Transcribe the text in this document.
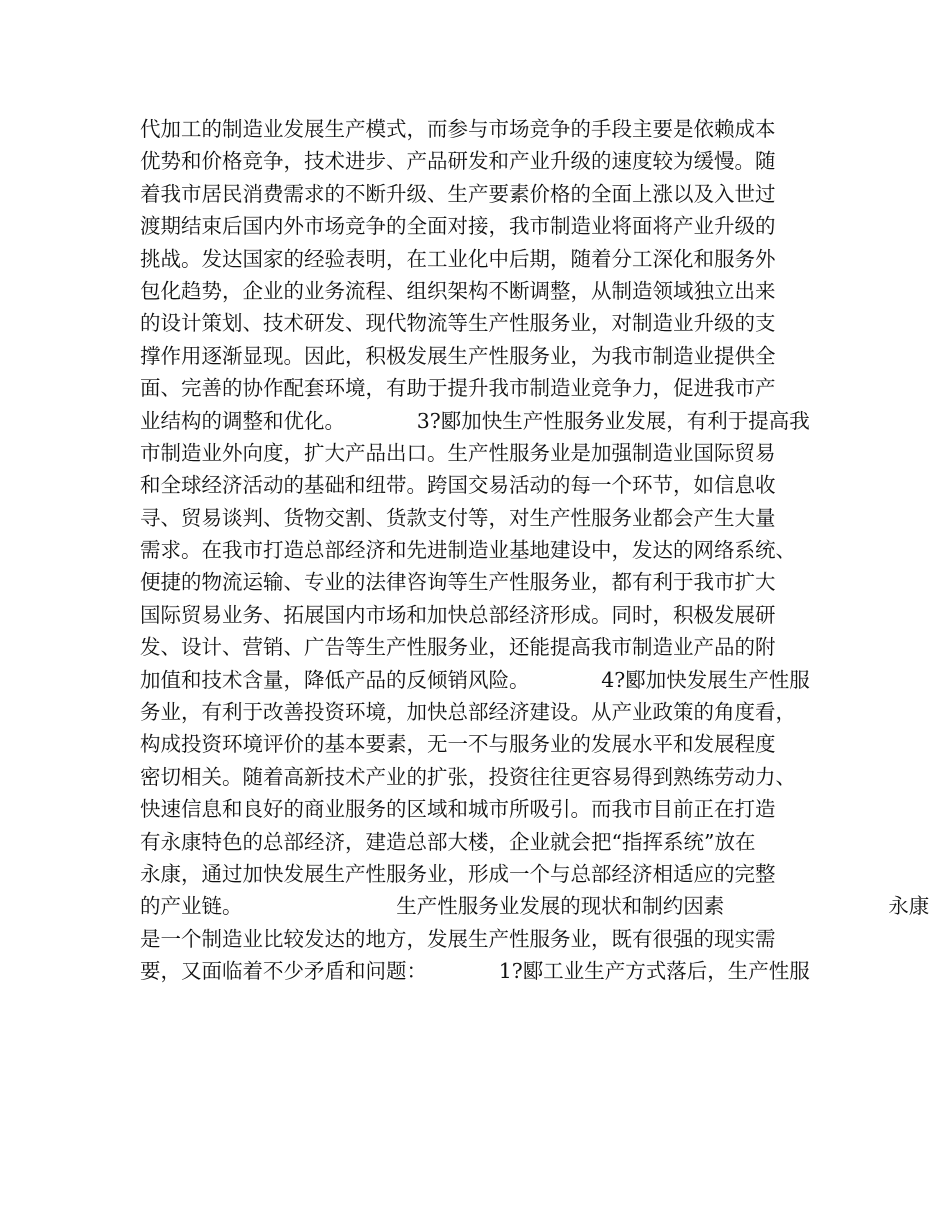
代加工的制造业发展生产模式，而参与市场竞争的手段主要是依赖成本
优势和价格竞争，技术进步、产品研发和产业升级的速度较为缓慢。随
着我市居民消费需求的不断升级、生产要素价格的全面上涨以及入世过
渡期结束后国内外市场竞争的全面对接，我市制造业将面将产业升级的
挑战。发达国家的经验表明，在工业化中后期，随着分工深化和服务外
包化趋势，企业的业务流程、组织架构不断调整，从制造领域独立出来
的设计策划、技术研发、现代物流等生产性服务业，对制造业升级的支
撑作用逐渐显现。因此，积极发展生产性服务业，为我市制造业提供全
面、完善的协作配套环境，有助于提升我市制造业竞争力，促进我市产
业结构的调整和优化。　　　　3?郾加快生产性服务业发展，有利于提高我
市制造业外向度，扩大产品出口。生产性服务业是加强制造业国际贸易
和全球经济活动的基础和纽带。跨国交易活动的每一个环节，如信息收
寻、贸易谈判、货物交割、货款支付等，对生产性服务业都会产生大量
需求。在我市打造总部经济和先进制造业基地建设中，发达的网络系统、
便捷的物流运输、专业的法律咨询等生产性服务业，都有利于我市扩大
国际贸易业务、拓展国内市场和加快总部经济形成。同时，积极发展研
发、设计、营销、广告等生产性服务业，还能提高我市制造业产品的附
加值和技术含量，降低产品的反倾销风险。　　　　4?郾加快发展生产性服
务业，有利于改善投资环境，加快总部经济建设。从产业政策的角度看，
构成投资环境评价的基本要素，无一不与服务业的发展水平和发展程度
密切相关。随着高新技术产业的扩张，投资往往更容易得到熟练劳动力、
快速信息和良好的商业服务的区域和城市所吸引。而我市目前正在打造
有永康特色的总部经济，建造总部大楼，企业就会把“指挥系统”放在
永康，通过加快发展生产性服务业，形成一个与总部经济相适应的完整
的产业链。　　　　　　　　生产性服务业发展的现状和制约因素　　　　　　　　永康
是一个制造业比较发达的地方，发展生产性服务业，既有很强的现实需
要，又面临着不少矛盾和问题：　　　　1?郾工业生产方式落后，生产性服
